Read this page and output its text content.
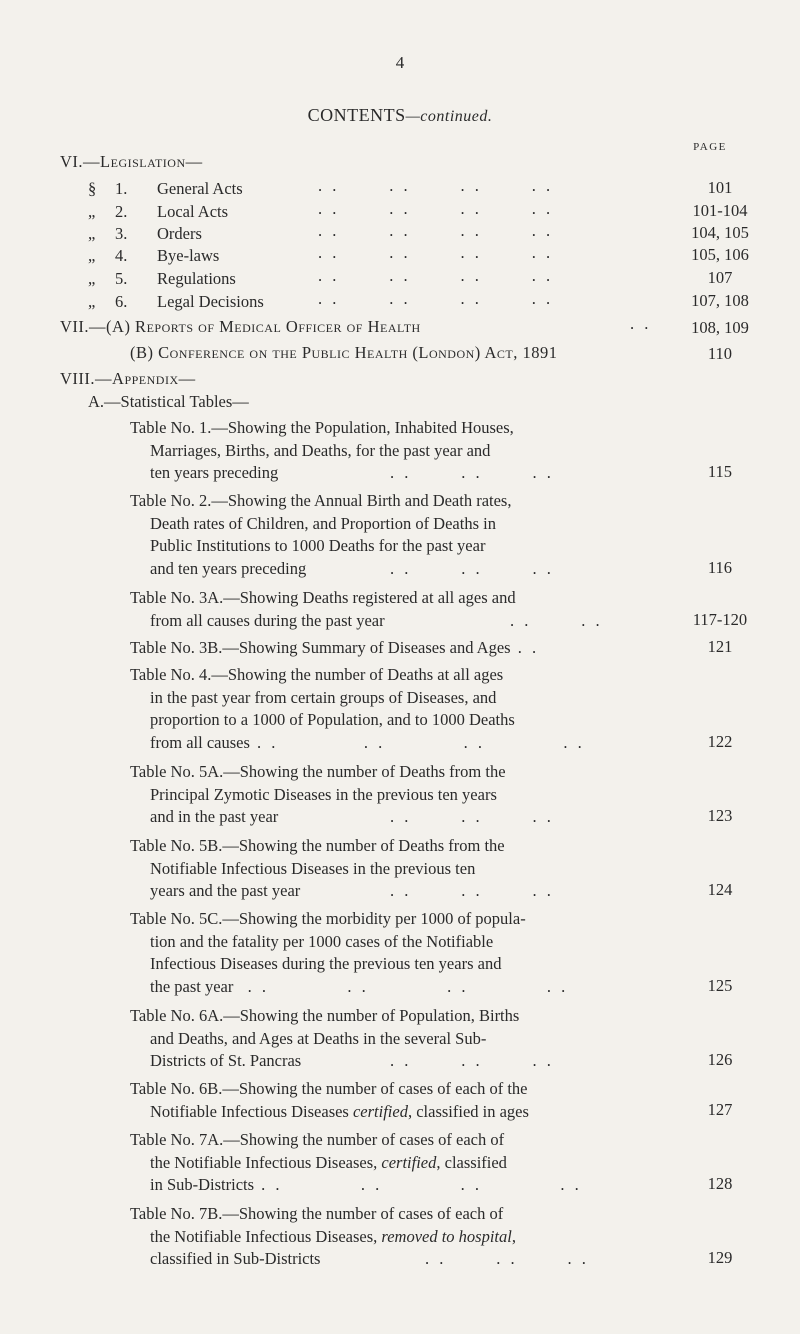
4
CONTENTS—continued.
PAGE
VI.—Legislation—
§ 1. General Acts	. .       . .       . .       . .	101
„ 2. Local Acts	. .       . .       . .       . .	101-104
„ 3. Orders	. .       . .       . .       . .	104, 105
„ 4. Bye-laws	. .       . .       . .       . .	105, 106
„ 5. Regulations	. .       . .       . .       . .	107
„ 6. Legal Decisions	. .       . .       . .       . .	107, 108
VII.—(A) Reports of Medical Officer of Health	. .	108, 109
(B) Conference on the Public Health (London) Act, 1891	110
VIII.—Appendix—
A.—Statistical Tables—
Table No. 1.—Showing the Population, Inhabited Houses,
Marriages, Births, and Deaths, for the past year and
ten years preceding	. .       . .       . .	115
Table No. 2.—Showing the Annual Birth and Death rates,
Death rates of Children, and Proportion of Deaths in
Public Institutions to 1000 Deaths for the past year
and ten years preceding	. .       . .       . .	116
Table No. 3A.—Showing Deaths registered at all ages and
from all causes during the past year	. .       . .	117-120
Table No. 3B.—Showing Summary of Diseases and Ages . .	121
Table No. 4.—Showing the number of Deaths at all ages
in the past year from certain groups of Diseases, and
proportion to a 1000 of Population, and to 1000 Deaths
from all causes . .            . .           . .           . .	122
Table No. 5A.—Showing the number of Deaths from the
Principal Zymotic Diseases in the previous ten years
and in the past year	. .       . .       . .	123
Table No. 5B.—Showing the number of Deaths from the
Notifiable Infectious Diseases in the previous ten
years and the past year	. .       . .       . .	124
Table No. 5C.—Showing the morbidity per 1000 of popula-
tion and the fatality per 1000 cases of the Notifiable
Infectious Diseases during the previous ten years and
the past year  . .           . .           . .           . .	125
Table No. 6A.—Showing the number of Population, Births
and Deaths, and Ages at Deaths in the several Sub-
Districts of St. Pancras	. .       . .       . .	126
Table No. 6B.—Showing the number of cases of each of the
Notifiable Infectious Diseases certified, classified in ages	127
Table No. 7A.—Showing the number of cases of each of
the Notifiable Infectious Diseases, certified, classified
in Sub-Districts . .           . .           . .           . .	128
Table No. 7B.—Showing the number of cases of each of
the Notifiable Infectious Diseases, removed to hospital,
classified in Sub-Districts	. .       . .       . .	129
